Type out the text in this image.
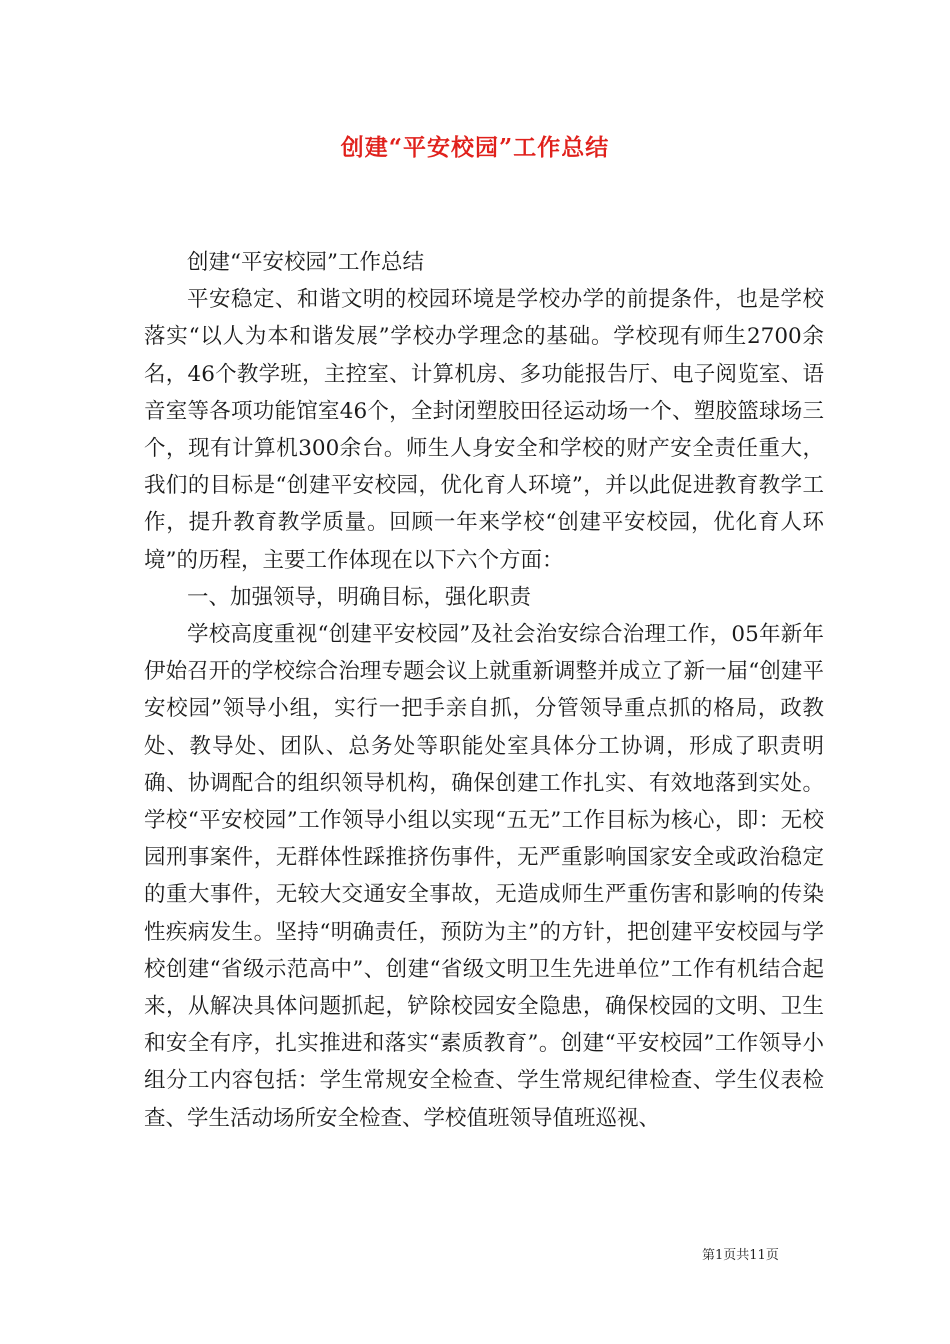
创建“平安校园”工作总结

创建“平安校园”工作总结

平安稳定、和谐文明的校园环境是学校办学的前提条件，也是学校落实“以人为本和谐发展”学校办学理念的基础。学校现有师生2700余名，46个教学班，主控室、计算机房、多功能报告厅、电子阅览室、语音室等各项功能馆室46个，全封闭塑胶田径运动场一个、塑胶篮球场三个，现有计算机300余台。师生人身安全和学校的财产安全责任重大，我们的目标是“创建平安校园，优化育人环境”，并以此促进教育教学工作，提升教育教学质量。回顾一年来学校“创建平安校园，优化育人环境”的历程，主要工作体现在以下六个方面：

一、加强领导，明确目标，强化职责

学校高度重视“创建平安校园”及社会治安综合治理工作，05年新年伊始召开的学校综合治理专题会议上就重新调整并成立了新一届“创建平安校园”领导小组，实行一把手亲自抓，分管领导重点抓的格局，政教处、教导处、团队、总务处等职能处室具体分工协调，形成了职责明确、协调配合的组织领导机构，确保创建工作扎实、有效地落到实处。学校“平安校园”工作领导小组以实现“五无”工作目标为核心，即：无校园刑事案件，无群体性踩推挤伤事件，无严重影响国家安全或政治稳定的重大事件，无较大交通安全事故，无造成师生严重伤害和影响的传染性疾病发生。坚持“明确责任，预防为主”的方针，把创建平安校园与学校创建“省级示范高中”、创建“省级文明卫生先进单位”工作有机结合起来，从解决具体问题抓起，铲除校园安全隐患，确保校园的文明、卫生和安全有序，扎实推进和落实“素质教育”。创建“平安校园”工作领导小组分工内容包括：学生常规安全检查、学生常规纪律检查、学生仪表检查、学生活动场所安全检查、学校值班领导值班巡视、

第1页共11页
